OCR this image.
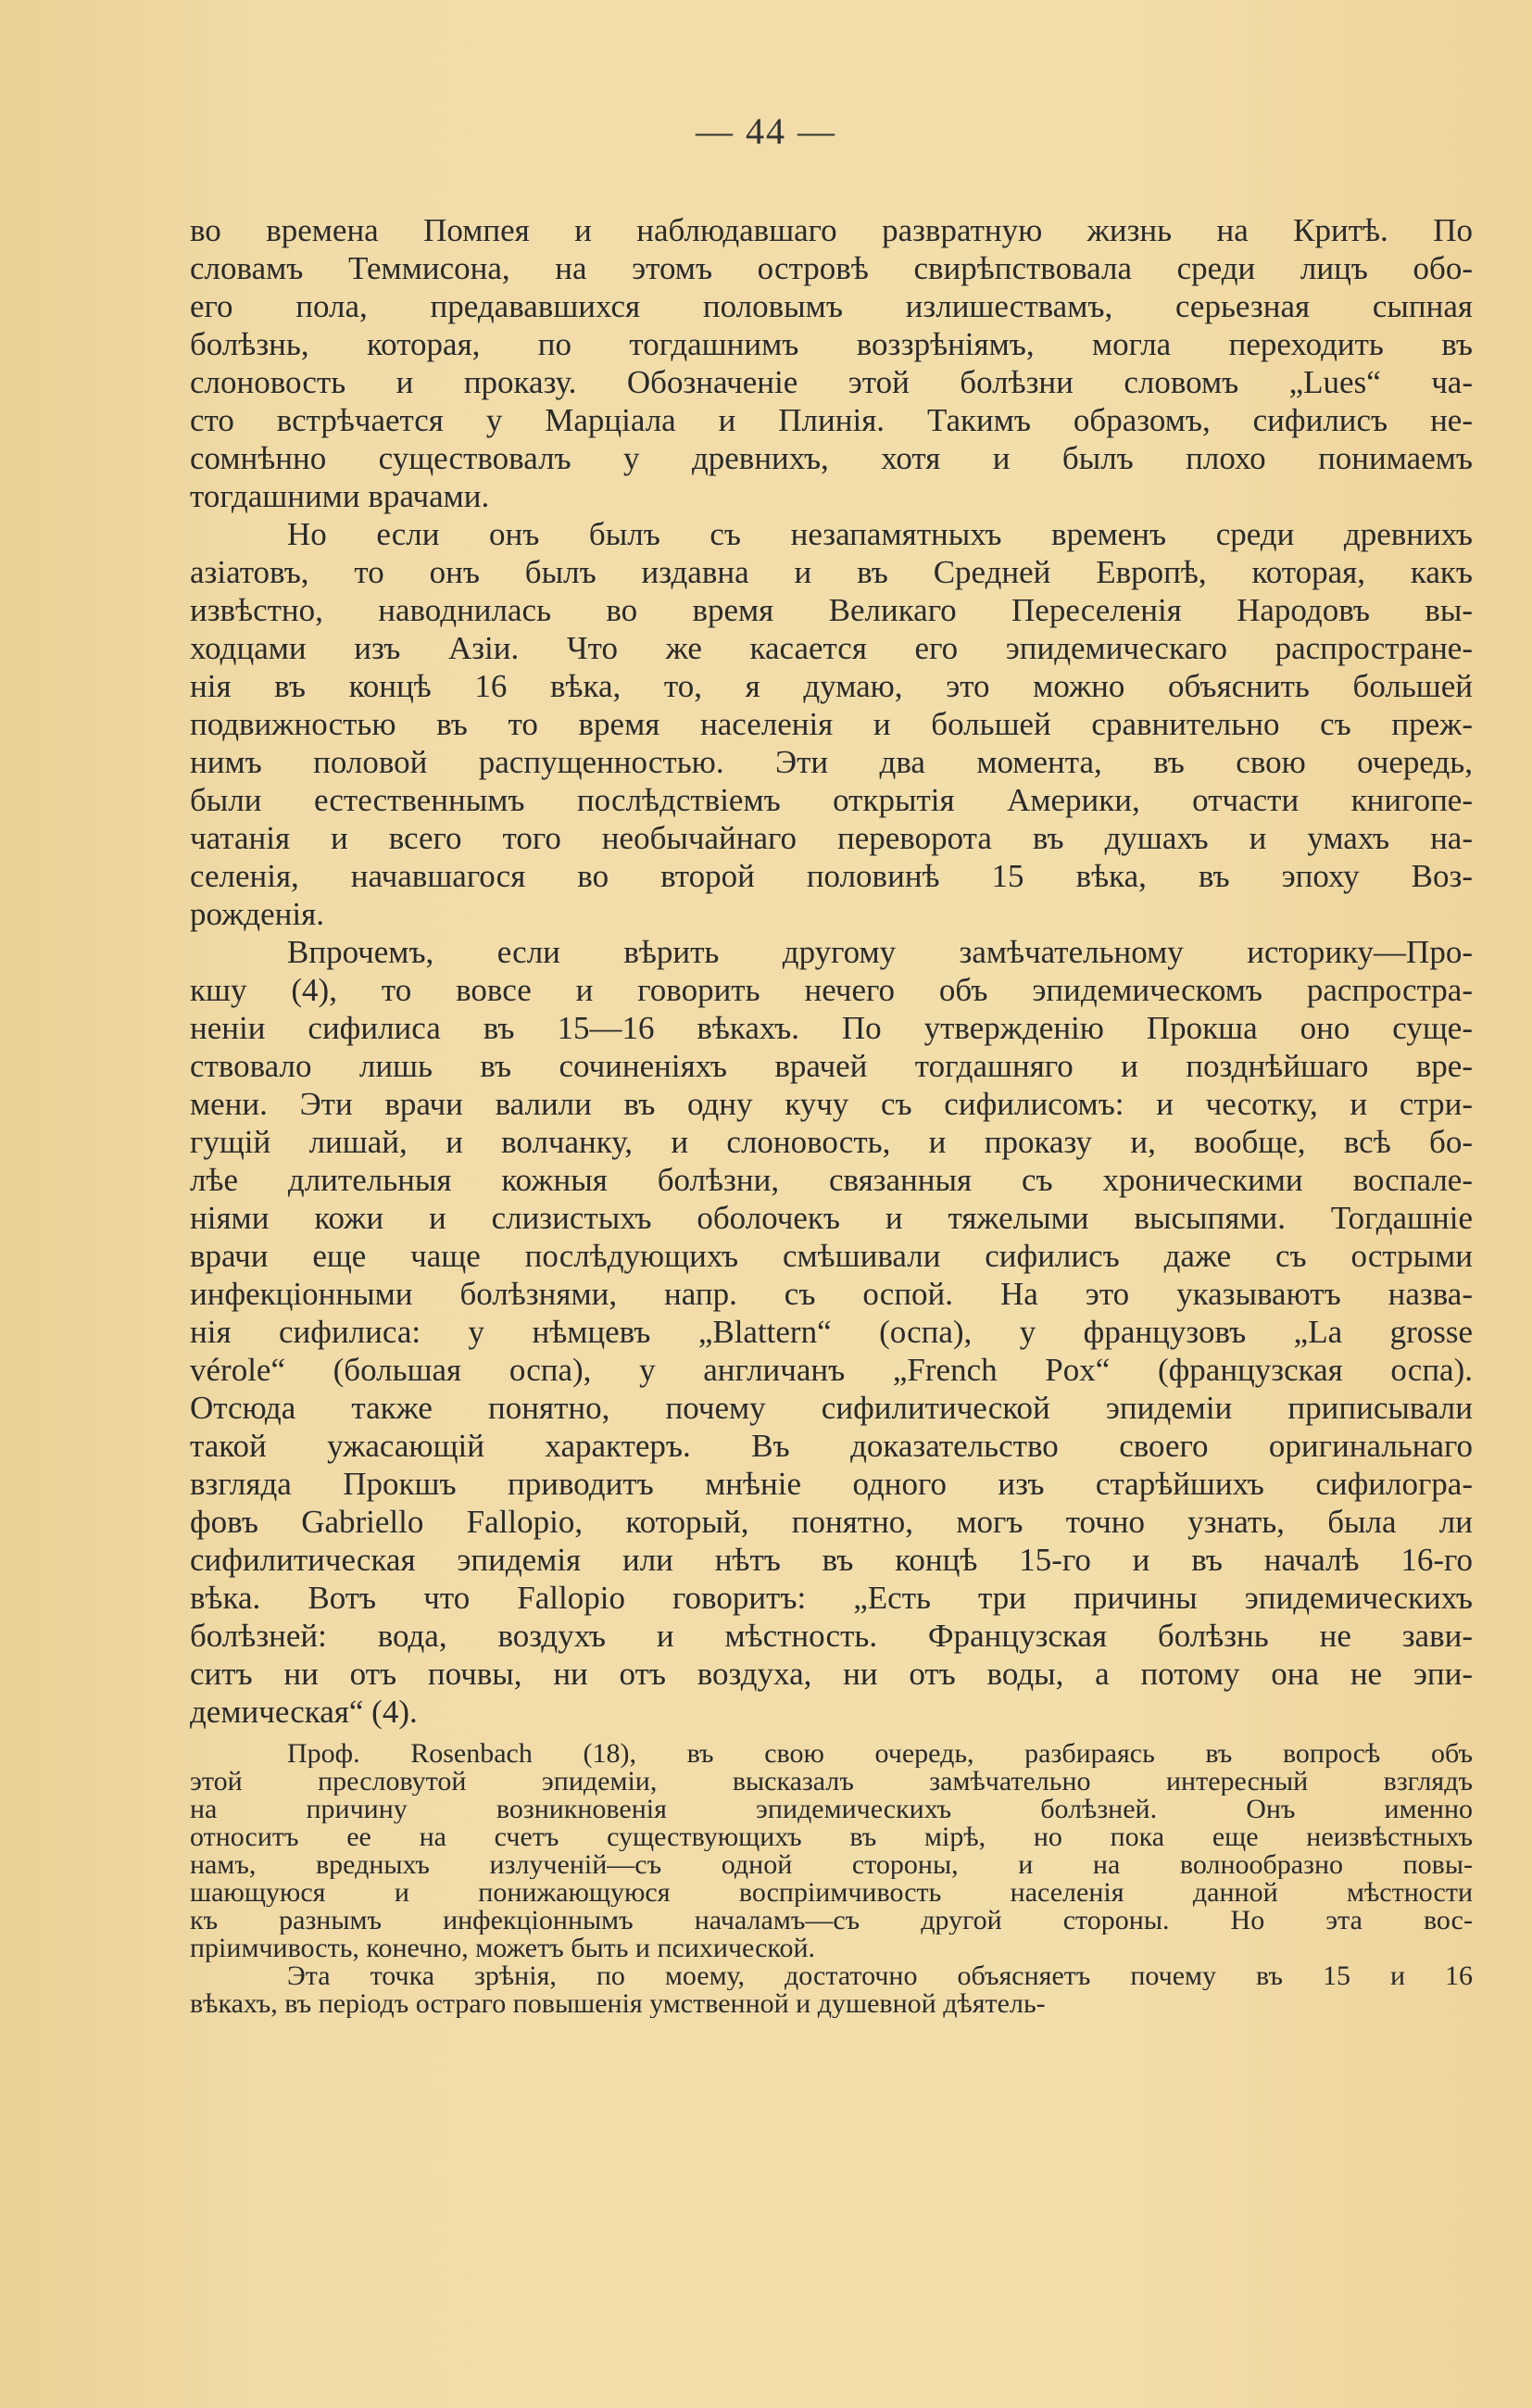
— 44 —
во времена Помпея и наблюдавшаго развратную жизнь на Критѣ. По
словамъ Теммисона, на этомъ островѣ свирѣпствовала среди лицъ обо-
его пола, предававшихся половымъ излишествамъ, серьезная сыпная
болѣзнь, которая, по тогдашнимъ воззрѣніямъ, могла переходить въ
слоновость и проказу. Обозначеніе этой болѣзни словомъ „Lues“ ча-
сто встрѣчается у Марціала и Плинія. Такимъ образомъ, сифилисъ не-
сомнѣнно существовалъ у древнихъ, хотя и былъ плохо понимаемъ
тогдашними врачами.
Но если онъ былъ съ незапамятныхъ временъ среди древнихъ
азіатовъ, то онъ былъ издавна и въ Средней Европѣ, которая, какъ
извѣстно, наводнилась во время Великаго Переселенія Народовъ вы-
ходцами изъ Азіи. Что же касается его эпидемическаго распростране-
нія въ концѣ 16 вѣка, то, я думаю, это можно объяснить большей
подвижностью въ то время населенія и большей сравнительно съ преж-
нимъ половой распущенностью. Эти два момента, въ свою очередь,
были естественнымъ послѣдствіемъ открытія Америки, отчасти книгопе-
чатанія и всего того необычайнаго переворота въ душахъ и умахъ на-
селенія, начавшагося во второй половинѣ 15 вѣка, въ эпоху Воз-
рожденія.
Впрочемъ, если вѣрить другому замѣчательному историку—Про-
кшу (4), то вовсе и говорить нечего объ эпидемическомъ распростра-
неніи сифилиса въ 15—16 вѣкахъ. По утвержденію Прокша оно суще-
ствовало лишь въ сочиненіяхъ врачей тогдашняго и позднѣйшаго вре-
мени. Эти врачи валили въ одну кучу съ сифилисомъ: и чесотку, и стри-
гущій лишай, и волчанку, и слоновость, и проказу и, вообще, всѣ бо-
лѣе длительныя кожныя болѣзни, связанныя съ хроническими воспале-
ніями кожи и слизистыхъ оболочекъ и тяжелыми высыпями. Тогдашніе
врачи еще чаще послѣдующихъ смѣшивали сифилисъ даже съ острыми
инфекціонными болѣзнями, напр. съ оспой. На это указываютъ назва-
нія сифилиса: у нѣмцевъ „Blattern“ (оспа), у французовъ „La grosse
vérole“ (большая оспа), у англичанъ „French Pox“ (французская оспа).
Отсюда также понятно, почему сифилитической эпидеміи приписывали
такой ужасающій характеръ. Въ доказательство своего оригинальнаго
взгляда Прокшъ приводитъ мнѣніе одного изъ старѣйшихъ сифилогра-
фовъ Gabriello Fallopio, который, понятно, могъ точно узнать, была ли
сифилитическая эпидемія или нѣтъ въ концѣ 15-го и въ началѣ 16-го
вѣка. Вотъ что Fallopio говоритъ: „Есть три причины эпидемическихъ
болѣзней: вода, воздухъ и мѣстность. Французская болѣзнь не зави-
ситъ ни отъ почвы, ни отъ воздуха, ни отъ воды, а потому она не эпи-
демическая“ (4).
Проф. Rosenbach (18), въ свою очередь, разбираясь въ вопросѣ объ
этой пресловутой эпидеміи, высказалъ замѣчательно интересный взглядъ
на причину возникновенія эпидемическихъ болѣзней. Онъ именно
относитъ ее на счетъ существующихъ въ мірѣ, но пока еще неизвѣстныхъ
намъ, вредныхъ излученій—съ одной стороны, и на волнообразно повы-
шающуюся и понижающуюся воспріимчивость населенія данной мѣстности
къ разнымъ инфекціоннымъ началамъ—съ другой стороны. Но эта вос-
пріимчивость, конечно, можетъ быть и психической.
Эта точка зрѣнія, по моему, достаточно объясняетъ почему въ 15 и 16
вѣкахъ, въ періодъ остраго повышенія умственной и душевной дѣятель-
